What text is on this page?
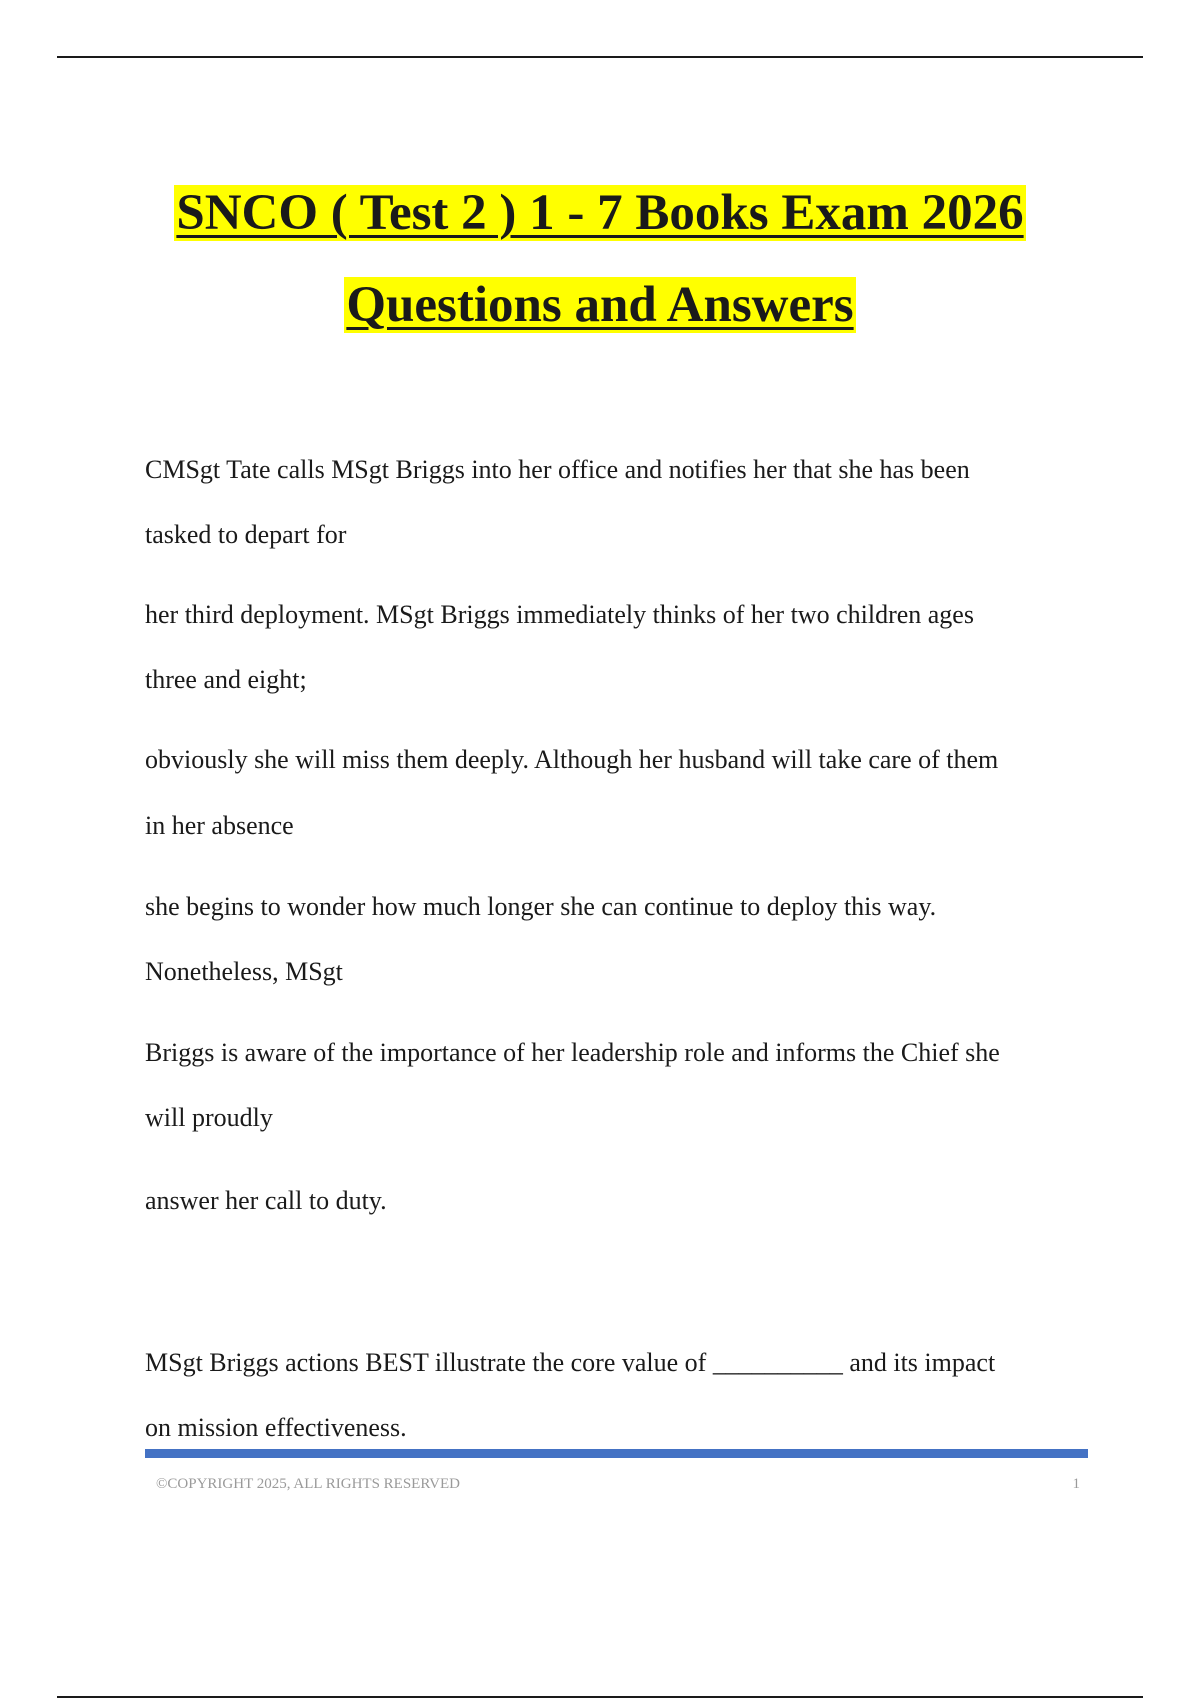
SNCO ( Test 2 ) 1 - 7 Books Exam 2026
Questions and Answers
CMSgt Tate calls MSgt Briggs into her office and notifies her that she has been
tasked to depart for
her third deployment. MSgt Briggs immediately thinks of her two children ages
three and eight;
obviously she will miss them deeply. Although her husband will take care of them
in her absence
she begins to wonder how much longer she can continue to deploy this way.
Nonetheless, MSgt
Briggs is aware of the importance of her leadership role and informs the Chief she
will proudly
answer her call to duty.
MSgt Briggs actions BEST illustrate the core value of __________ and its impact
on mission effectiveness.
©COPYRIGHT 2025, ALL RIGHTS RESERVED	1
